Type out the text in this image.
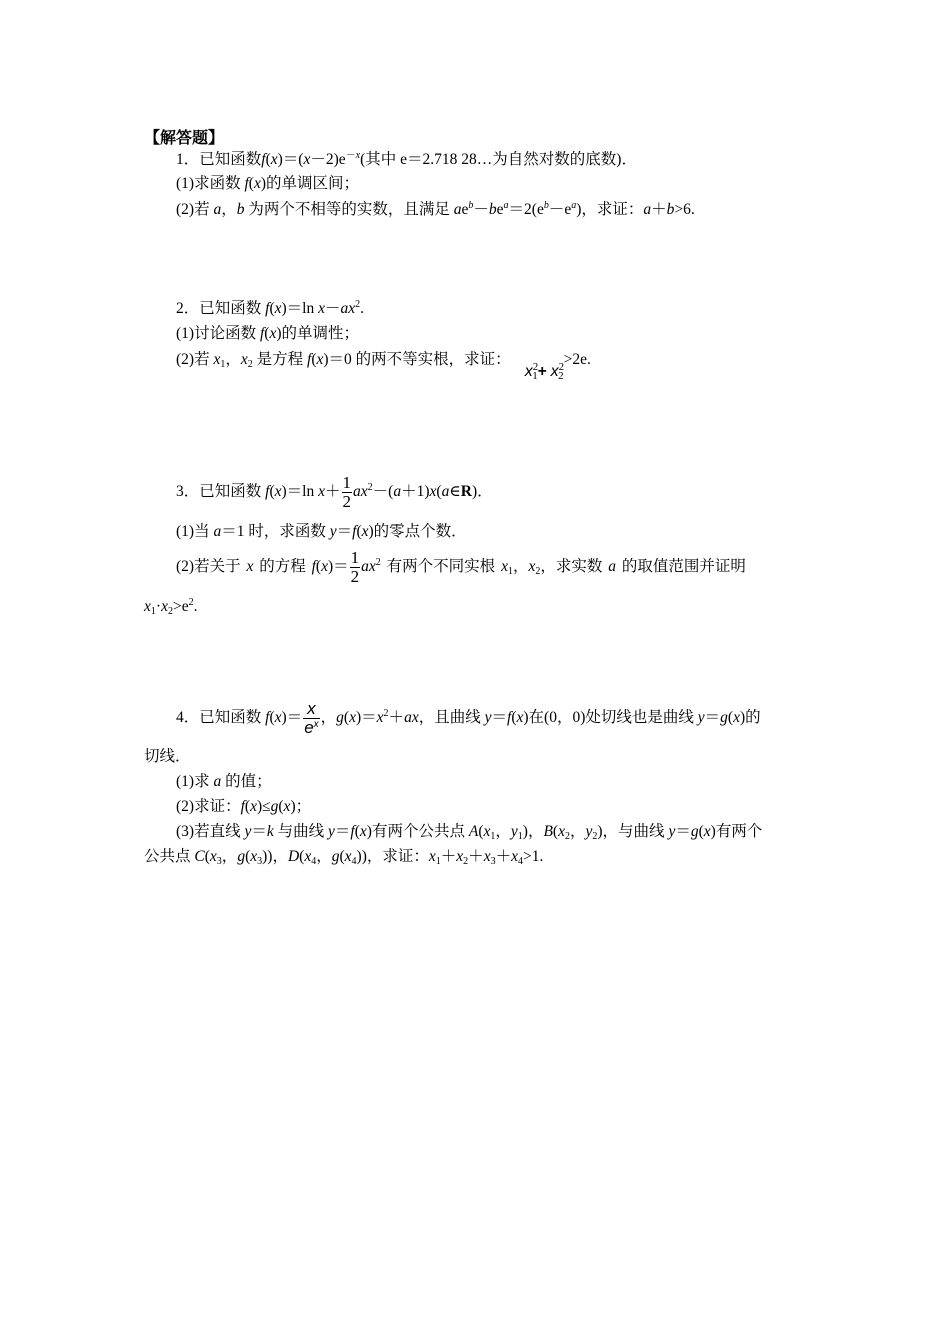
【解答题】
1．已知函数$f(x)=(x-2)e^{-x}$(其中 e＝2.718 28…为自然对数的底数)．
(1)求函数 f(x)的单调区间；
(2)若 a，b 为两个不相等的实数，且满足 $ae^b-be^a=2(e^b-e^a)$，求证：a＋b>6.
2．已知函数 f(x)＝ln $x-ax^2$.
(1)讨论函数 f(x)的单调性；
(2)若 $x_1$，$x_2$ 是方程 f(x)＝0 的两不等实根，求证：$x^2_1+ x^2_2>2e$.
3．已知函数 f(x)＝ln $x+ \frac{1}{2}$ $ax^2-(a+1)x(a\in R)$．
(1)当 a＝1 时，求函数 y＝f(x)的零点个数．
(2)若关于 x 的方程 $f(x)= \frac{1}{2} ax^2$ 有两个不同实根 $x_1$，$x_2$，求实数 a 的取值范围并证明
$x_1\cdot x_2>e^2$.
4．已知函数 $f(x)= \frac{x}{e^x}$ ，$g(x)=x^2+ax$，且曲线 y＝f(x)在(0，0)处切线也是曲线 y＝g(x)的
切线．
(1)求 a 的值；
(2)求证：f(x)≤g(x)；
(3)若直线 y＝k 与曲线 y＝f(x)有两个公共点 $A(x_1$，$y_1$)，$B(x_2$，$y_2$)，与曲线 y＝g(x)有两个
公共点 $C(x_3$，$g(x_3)$)，$D(x_4$，$g(x_4)$)，求证：$x_1+x_2+x_3+x_4>1$.
